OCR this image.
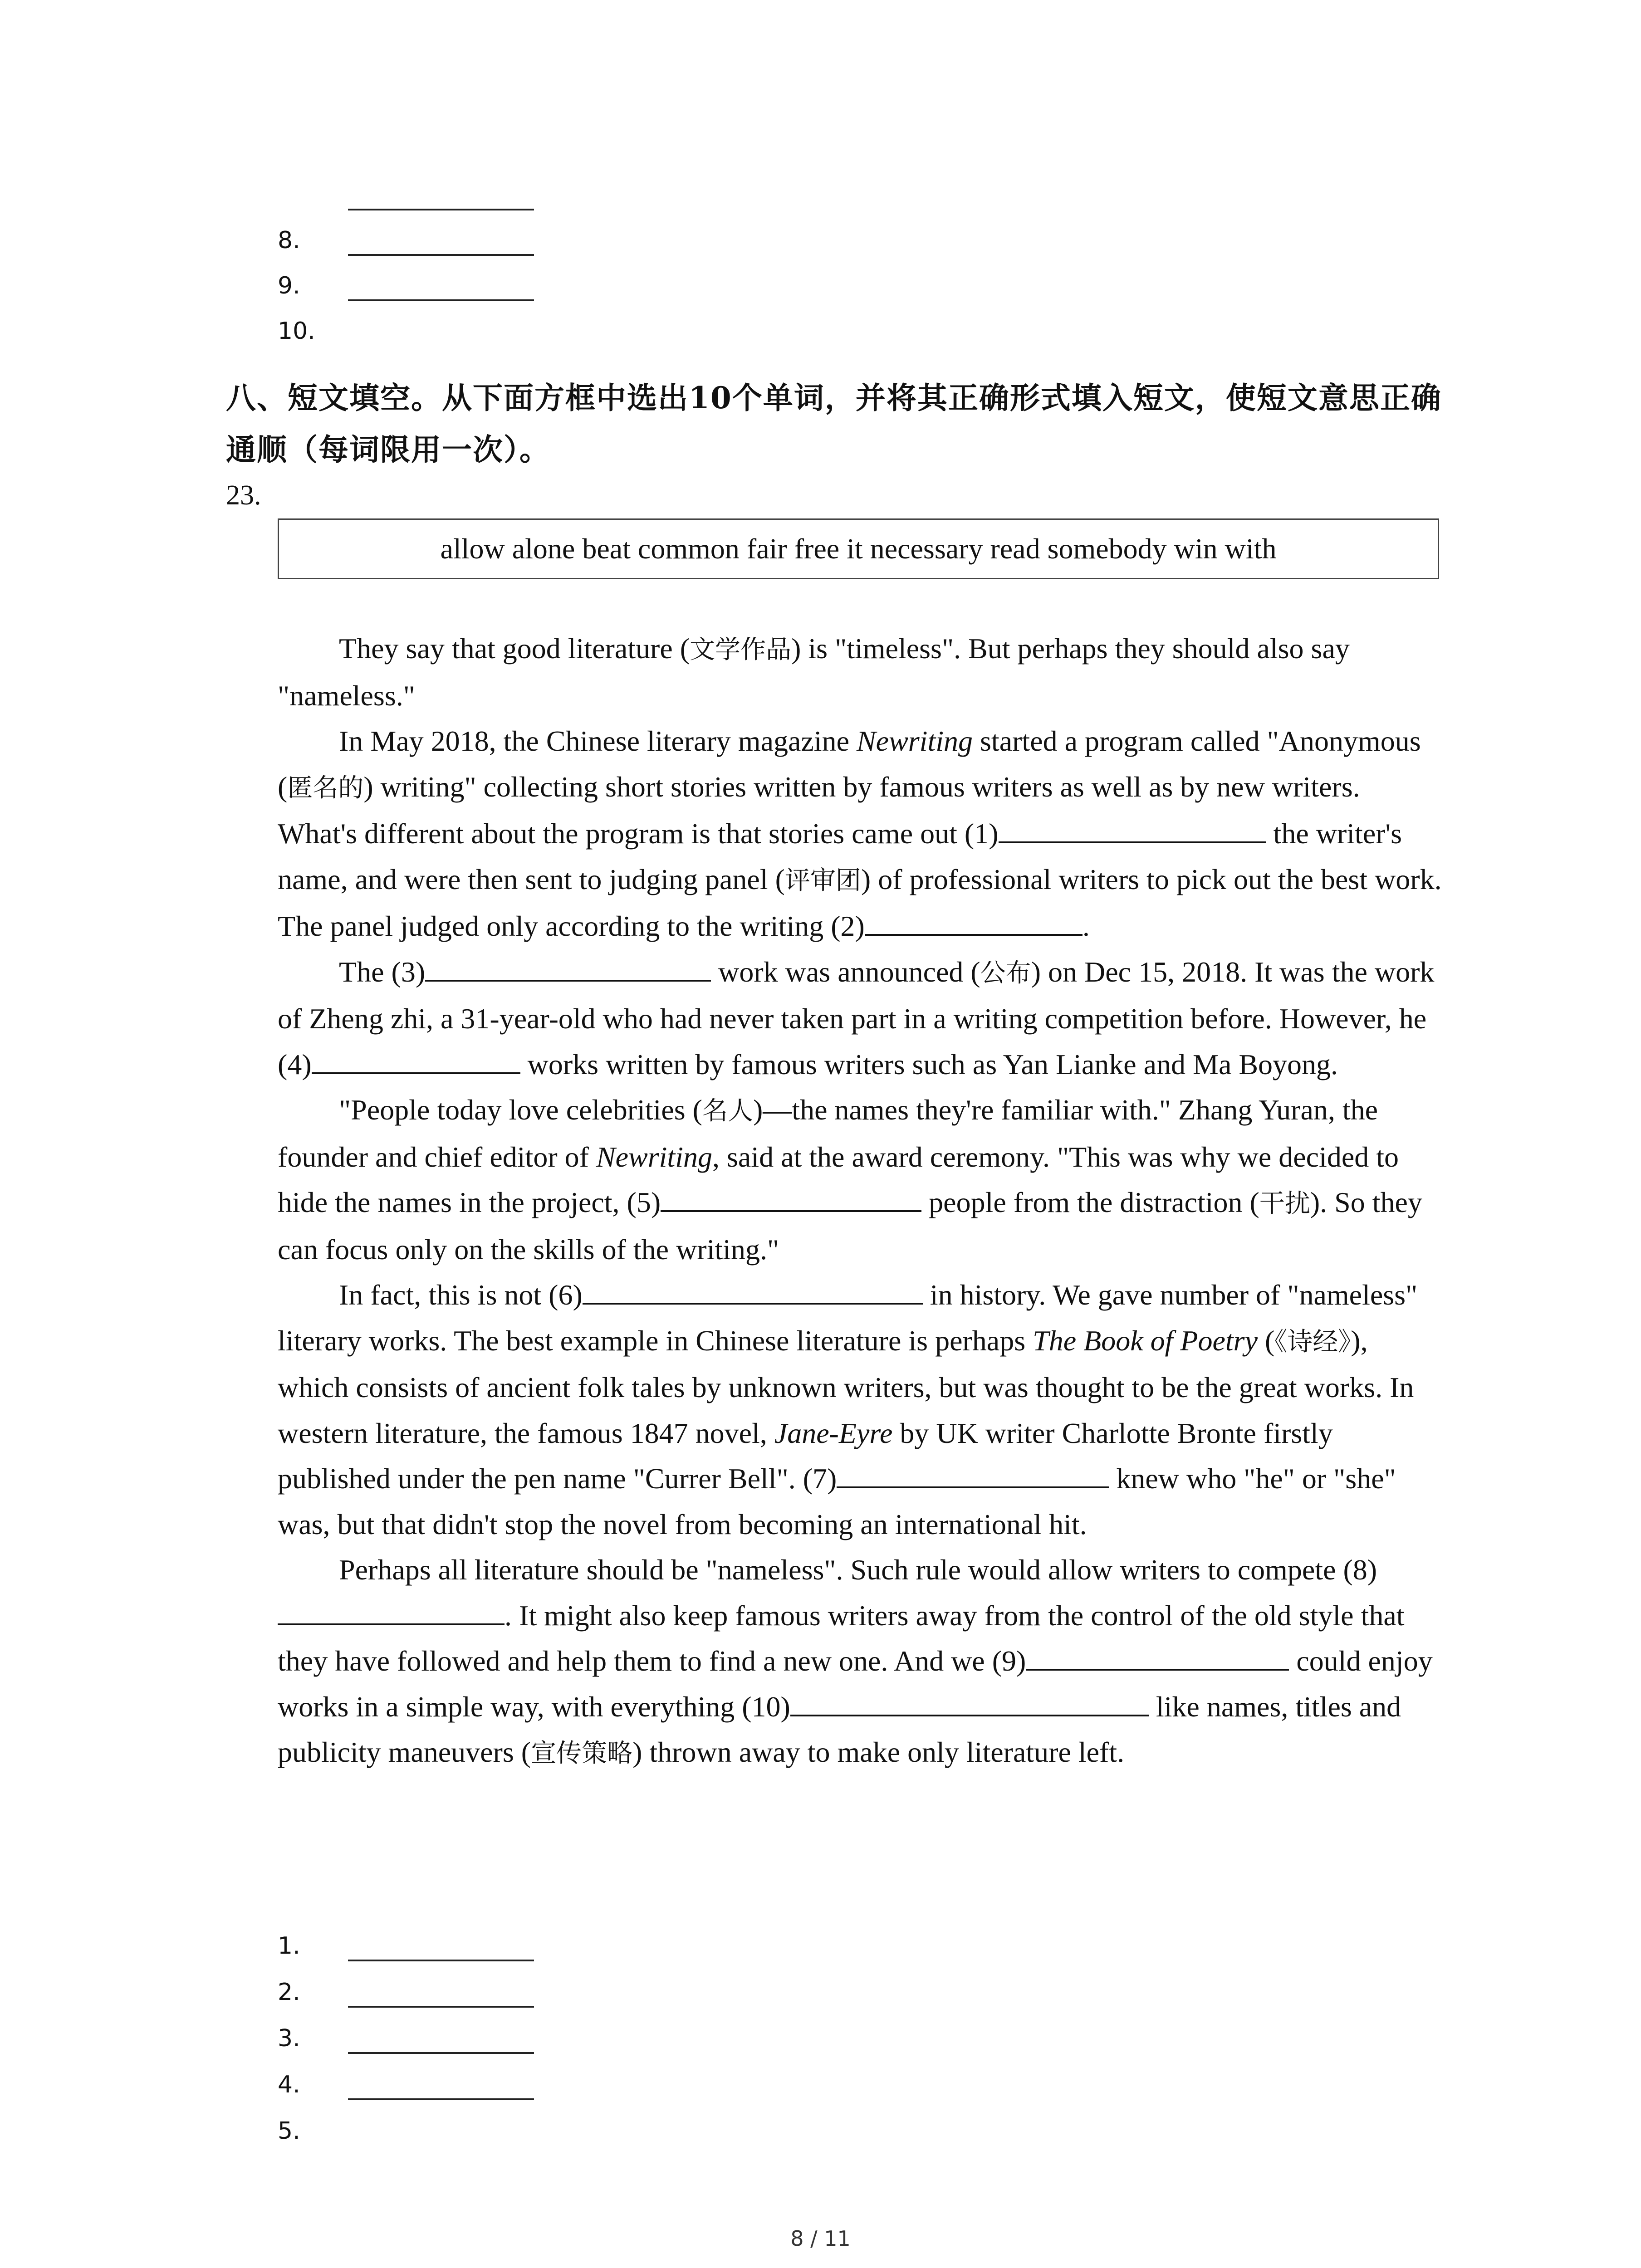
8.
9.
10.
八、短文填空。从下面方框中选出10个单词，并将其正确形式填入短文，使短文意思正确通顺（每词限用一次）。
23.
allow alone beat common fair free it necessary read somebody win with

They say that good literature (文学作品) is "timeless". But perhaps they should also say "nameless."

In May 2018, the Chinese literary magazine Newriting started a program called "Anonymous (匿名的) writing" collecting short stories written by famous writers as well as by new writers. What's different about the program is that stories came out (1)	the writer's name, and were then sent to judging panel (评审团) of professional writers to pick out the best work. The panel judged only according to the writing (2)	.

The (3)	work was announced (公布) on Dec 15, 2018. It was the work of Zheng zhi, a 31-year-old who had never taken part in a writing competition before. However, he (4)	works written by famous writers such as Yan Lianke and Ma Boyong.

"People today love celebrities (名人)—the names they're familiar with." Zhang Yuran, the founder and chief editor of Newriting, said at the award ceremony. "This was why we decided to hide the names in the project, (5)	people from the distraction (干扰). So they can focus only on the skills of the writing."

In fact, this is not (6)	in history. We gave number of "nameless" literary works. The best example in Chinese literature is perhaps The Book of Poetry (《诗经》), which consists of ancient folk tales by unknown writers, but was thought to be the great works. In western literature, the famous 1847 novel, Jane-Eyre by UK writer Charlotte Bronte firstly published under the pen name "Currer Bell". (7)	knew who "he" or "she" was, but that didn't stop the novel from becoming an international hit.

Perhaps all literature should be "nameless". Such rule would allow writers to compete (8). It might also keep famous writers away from the control of the old style that they have followed and help them to find a new one. And we (9)	could enjoy works in a simple way, with everything (10)	like names, titles and publicity maneuvers (宣传策略) thrown away to make only literature left.

1.
2.
3.
4.
5.
8 / 11
